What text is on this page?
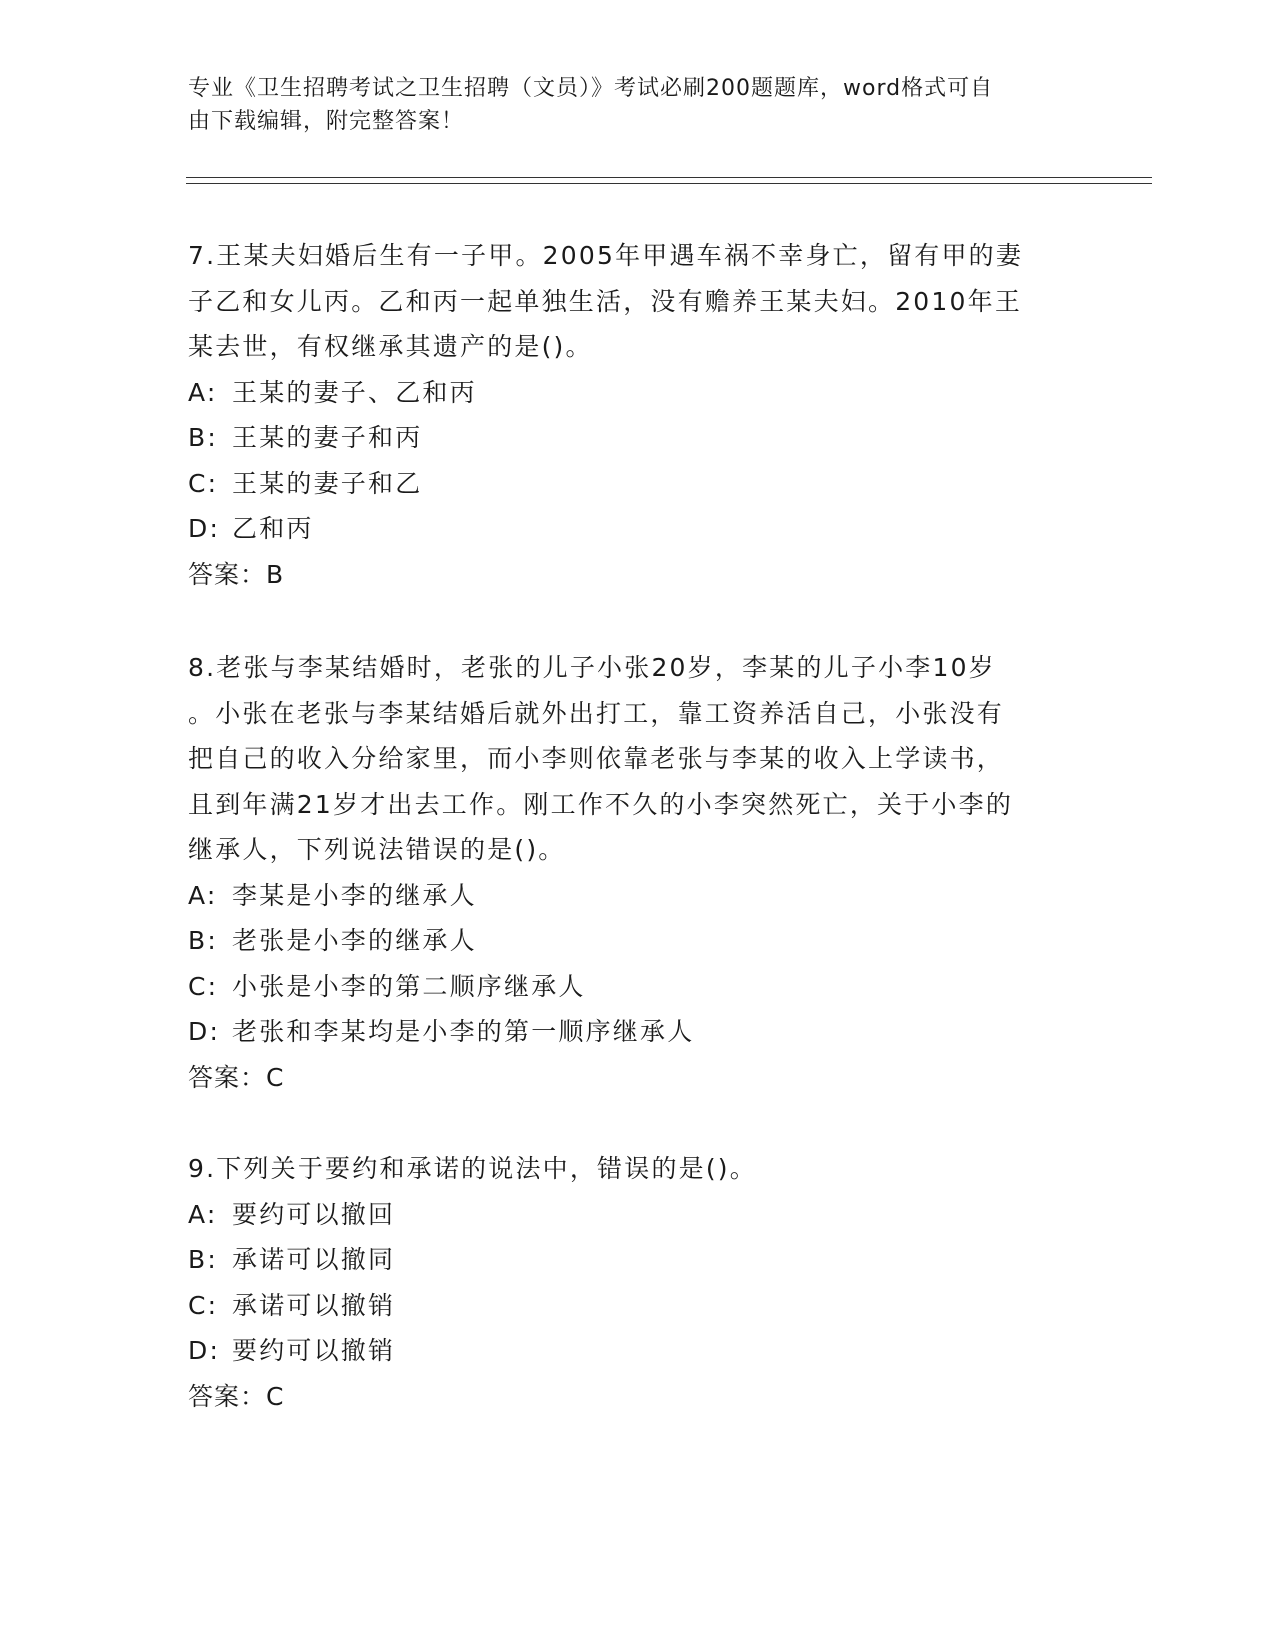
专业《卫生招聘考试之卫生招聘（文员）》考试必刷200题题库，word格式可自
由下载编辑，附完整答案！

7.王某夫妇婚后生有一子甲。2005年甲遇车祸不幸身亡，留有甲的妻

子乙和女儿丙。乙和丙一起单独生活，没有赡养王某夫妇。2010年王

某去世，有权继承其遗产的是()。

A: 王某的妻子、乙和丙

B: 王某的妻子和丙

C: 王某的妻子和乙

D: 乙和丙

答案：B

8.老张与李某结婚时，老张的儿子小张20岁，李某的儿子小李10岁

。小张在老张与李某结婚后就外出打工，靠工资养活自己，小张没有

把自己的收入分给家里，而小李则依靠老张与李某的收入上学读书，

且到年满21岁才出去工作。刚工作不久的小李突然死亡，关于小李的

继承人，下列说法错误的是()。

A: 李某是小李的继承人

B: 老张是小李的继承人

C: 小张是小李的第二顺序继承人

D: 老张和李某均是小李的第一顺序继承人

答案：C

9.下列关于要约和承诺的说法中，错误的是()。

A: 要约可以撤回

B: 承诺可以撤同

C: 承诺可以撤销

D: 要约可以撤销

答案：C
